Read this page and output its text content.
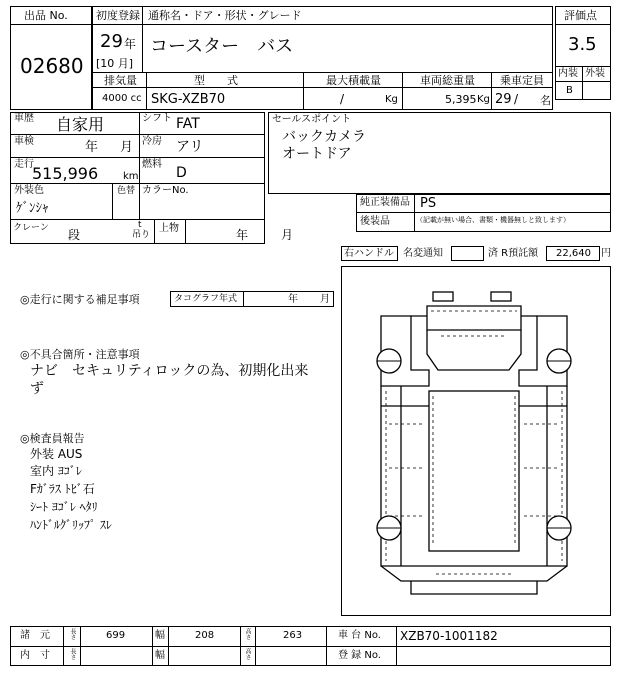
出品 No.
02680
初度登録 通称名・ドア・形状・グレード
29 年
[10 月]
コースター　バス
排気量	型　　式	最大積載量	車両総重量 乗車定員
4000 cc SKG-XZB70	/	Kg	5,395 Kg 29 / 名
評価点
3.5
内装 外装
B
車歴 自家用	シフト FAT
車検	年 月 冷房 アリ
走行
515,996 km
燃料
D
外装色
ｹﾞﾝｼｬ
色替 カラーNo.
クレーン 段
t
吊り
上物	年	月
セールスポイント
バックカメラ
オートドア
純正装備品 PS
後装品	（記載が無い場合、書類・機器無しと致します）
右ハンドル 名変通知	済 R預託額 22,640 円
◎走行に関する補足事項	タコグラフ年式	年 月
◎不具合箇所・注意事項
ナビ　セキュリティロックの為、初期化出来
ず
◎検査員報告
外装 AUS
室内 ﾖｺﾞﾚ
Fｶﾞﾗｽ ﾄﾋﾞ石
ｼｰﾄ ﾖｺﾞﾚ ﾍﾀﾘ
ﾊﾝﾄﾞﾙｸﾞﾘｯﾌﾟ ｽﾚ
諸　元	長さ	699	幅	208	高さ	263	車 台 No. XZB70-1001182
内　寸	長さ	幅	高さ	登 録 No.
